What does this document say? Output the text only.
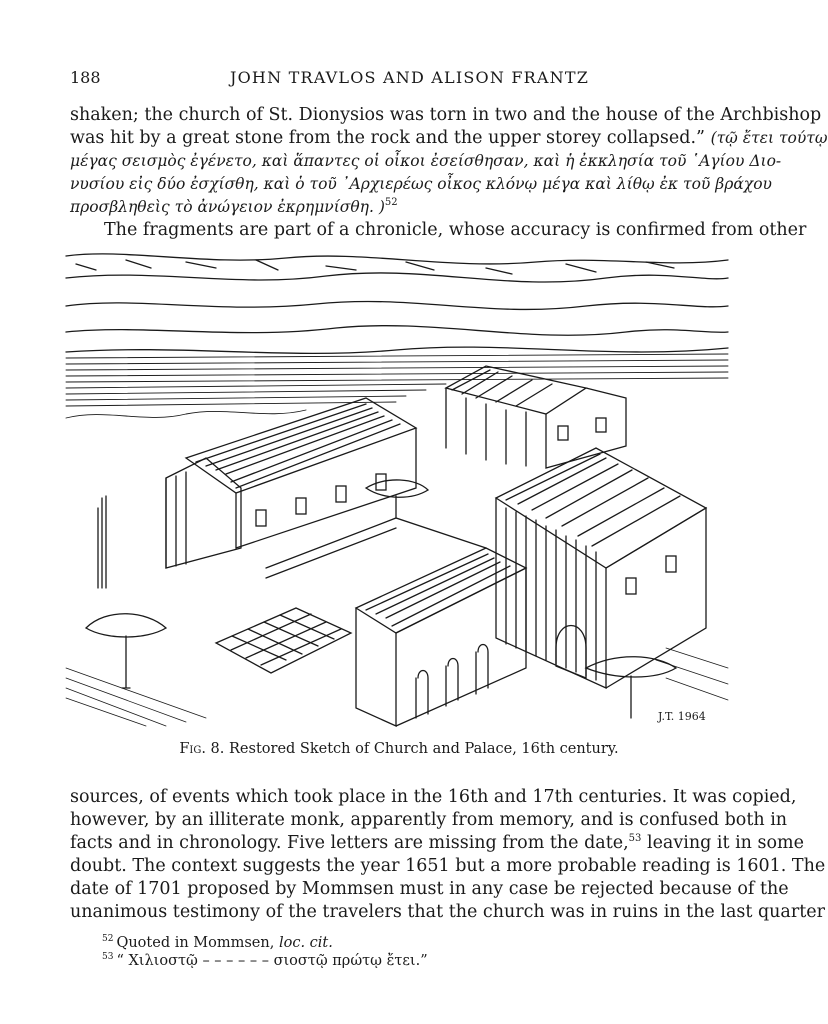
188	JOHN TRAVLOS AND ALISON FRANTZ
shaken; the church of St. Dionysios was torn in two and the house of the Archbishop
was hit by a great stone from the rock and the upper storey collapsed.” (τῷ ἔτει τούτῳ
μέγας σεισμὸς ἐγένετο, καὶ ἅπαντες οἱ οἶκοι ἐσείσθησαν, καὶ ἡ ἐκκλησία τοῦ ῾Αγίου Διο-
νυσίου εἰς δύο ἐσχίσθη, καὶ ὁ τοῦ ᾿Αρχιερέως οἶκος κλόνῳ μέγα καὶ λίθῳ ἐκ τοῦ βράχου
προσβληθεὶς τὸ ἀνώγειον ἐκρημνίσθη. )$^{52}$
The fragments are part of a chronicle, whose accuracy is confirmed from other
J.T. 1964
Fig. 8. Restored Sketch of Church and Palace, 16th century.
sources, of events which took place in the 16th and 17th centuries. It was copied,
however, by an illiterate monk, apparently from memory, and is confused both in
facts and in chronology. Five letters are missing from the date,$^{53}$ leaving it in some
doubt. The context suggests the year 1651 but a more probable reading is 1601. The
date of 1701 proposed by Mommsen must in any case be rejected because of the
unanimous testimony of the travelers that the church was in ruins in the last quarter
$^{52}$ Quoted in Mommsen, loc. cit.
$^{53}$ “ Χιλιοστῷ – – – – – – σιοστῷ πρώτῳ ἔτει.”
